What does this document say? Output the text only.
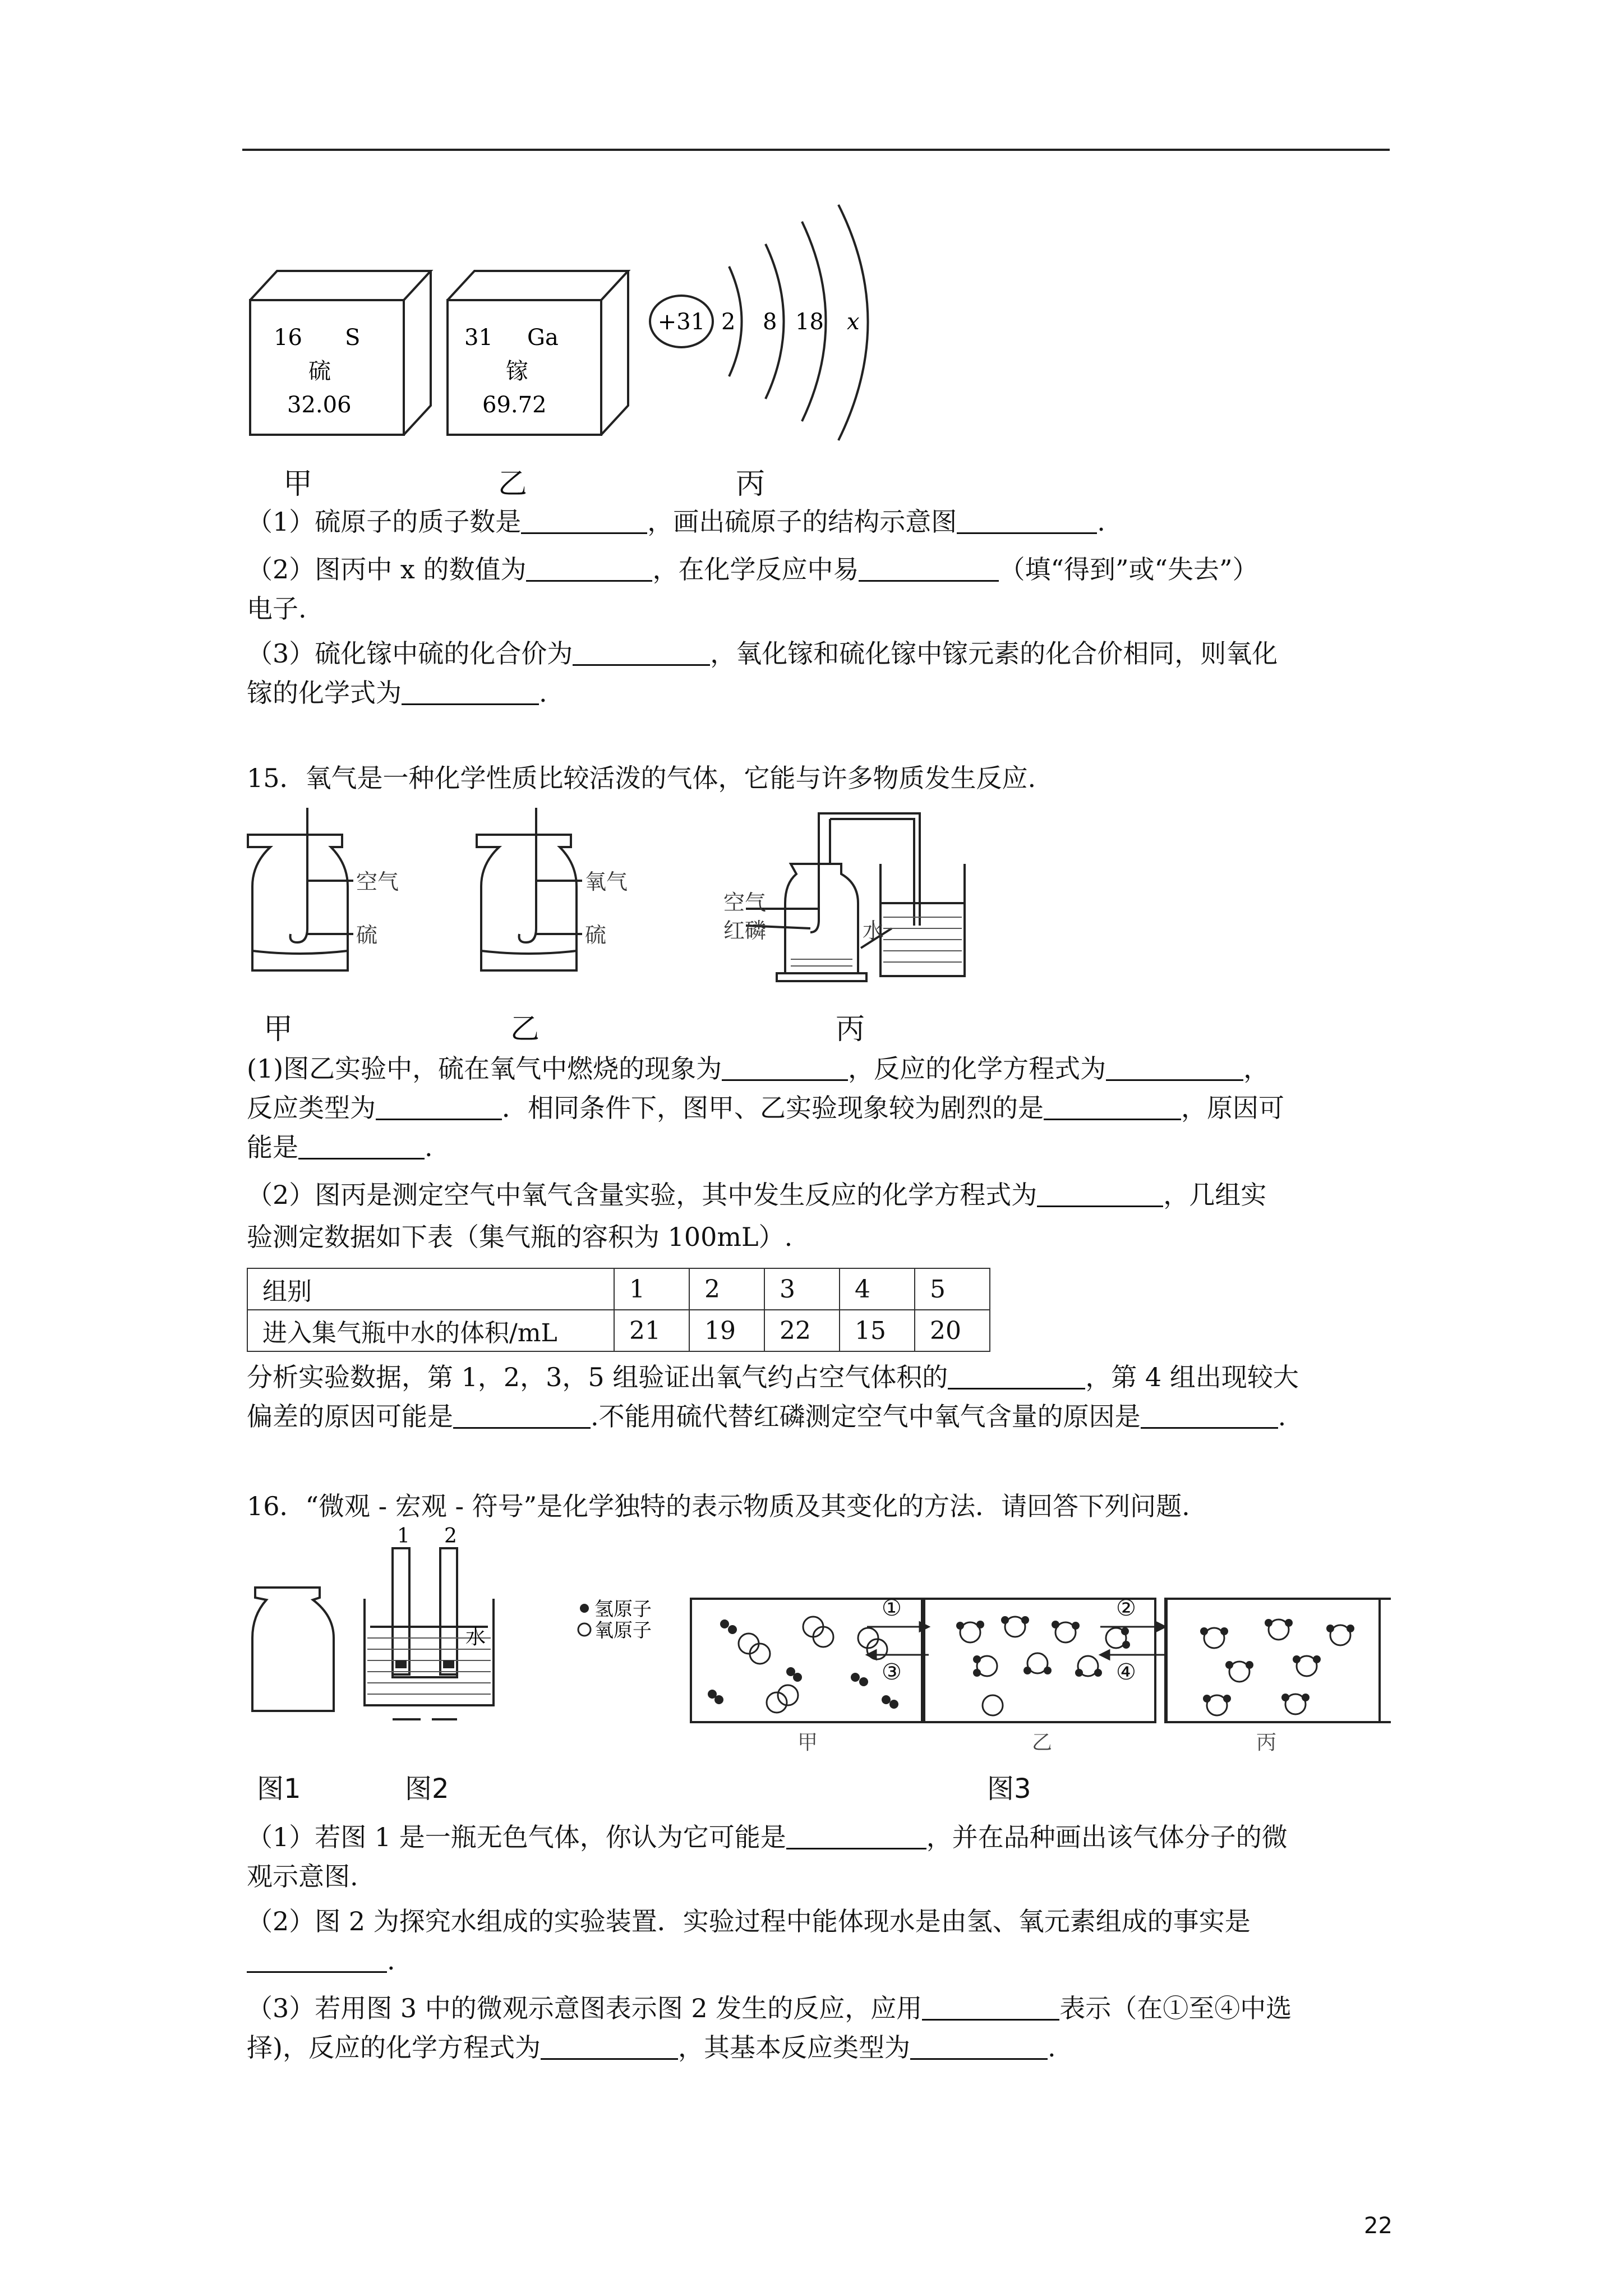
16 S
硫
32.06
31 Ga
镓
69.72
+31 2 8 18 x
甲	乙	丙
（1）硫原子的质子数是	，画出硫原子的结构示意图	.
（2）图丙中 x 的数值为	，在化学反应中易	（填“得到”或“失去”）
电子.
（3）硫化镓中硫的化合价为	，氧化镓和硫化镓中镓元素的化合价相同，则氧化
镓的化学式为	.
15．氧气是一种化学性质比较活泼的气体，它能与许多物质发生反应.
空气
硫
氧气
硫
空气
红磷	水
甲	乙	丙
(1)图乙实验中，硫在氧气中燃烧的现象为	，反应的化学方程式为	，
反应类型为	．相同条件下，图甲、乙实验现象较为剧烈的是	，原因可
能是	.
（2）图丙是测定空气中氧气含量实验，其中发生反应的化学方程式为	，几组实
验测定数据如下表（集气瓶的容积为 100mL）.
组别	1	2	3	4	5
进入集气瓶中水的体积/mL	21	19	22	15	20
分析实验数据，第 1，2，3，5 组验证出氧气约占空气体积的	，第 4 组出现较大
偏差的原因可能是	.不能用硫代替红磷测定空气中氧气含量的原因是	.
16．“微观 - 宏观 - 符号”是化学独特的表示物质及其变化的方法．请回答下列问题.
1 2
水
氢原子
氧原子
①	②
③	④
甲	乙	丙
图1	图2	图3
（1）若图 1 是一瓶无色气体，你认为它可能是	，并在品种画出该气体分子的微
观示意图.
（2）图 2 为探究水组成的实验装置．实验过程中能体现水是由氢、氧元素组成的事实是
.
（3）若用图 3 中的微观示意图表示图 2 发生的反应，应用	表示（在①至④中选
择)，反应的化学方程式为	，其基本反应类型为	.
22
